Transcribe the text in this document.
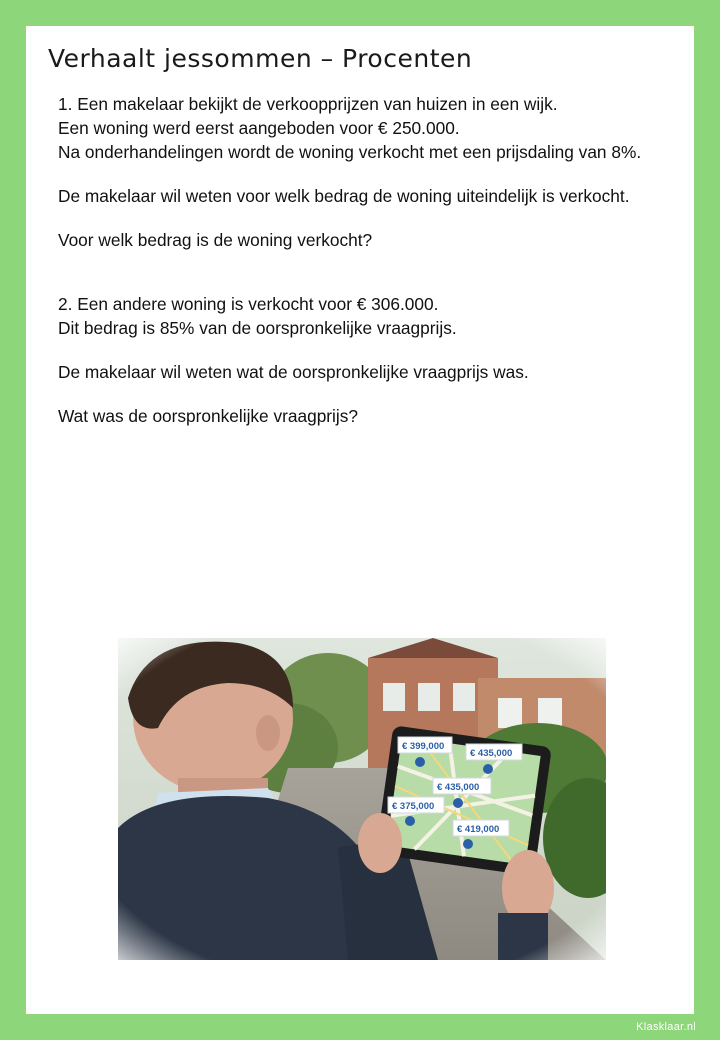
Verhaalt jessommen – Procenten

1. Een makelaar bekijkt de verkoopprijzen van huizen in een wijk.

Een woning werd eerst aangeboden voor € 250.000.

Na onderhandelingen wordt de woning verkocht met een prijsdaling van 8%.

De makelaar wil weten voor welk bedrag de woning uiteindelijk is verkocht.

Voor welk bedrag is de woning verkocht?

2. Een andere woning is verkocht voor € 306.000.

Dit bedrag is 85% van de oorspronkelijke vraagprijs.

De makelaar wil weten wat de oorspronkelijke vraagprijs was.

Wat was de oorspronkelijke vraagprijs?

Klasklaar.nl
